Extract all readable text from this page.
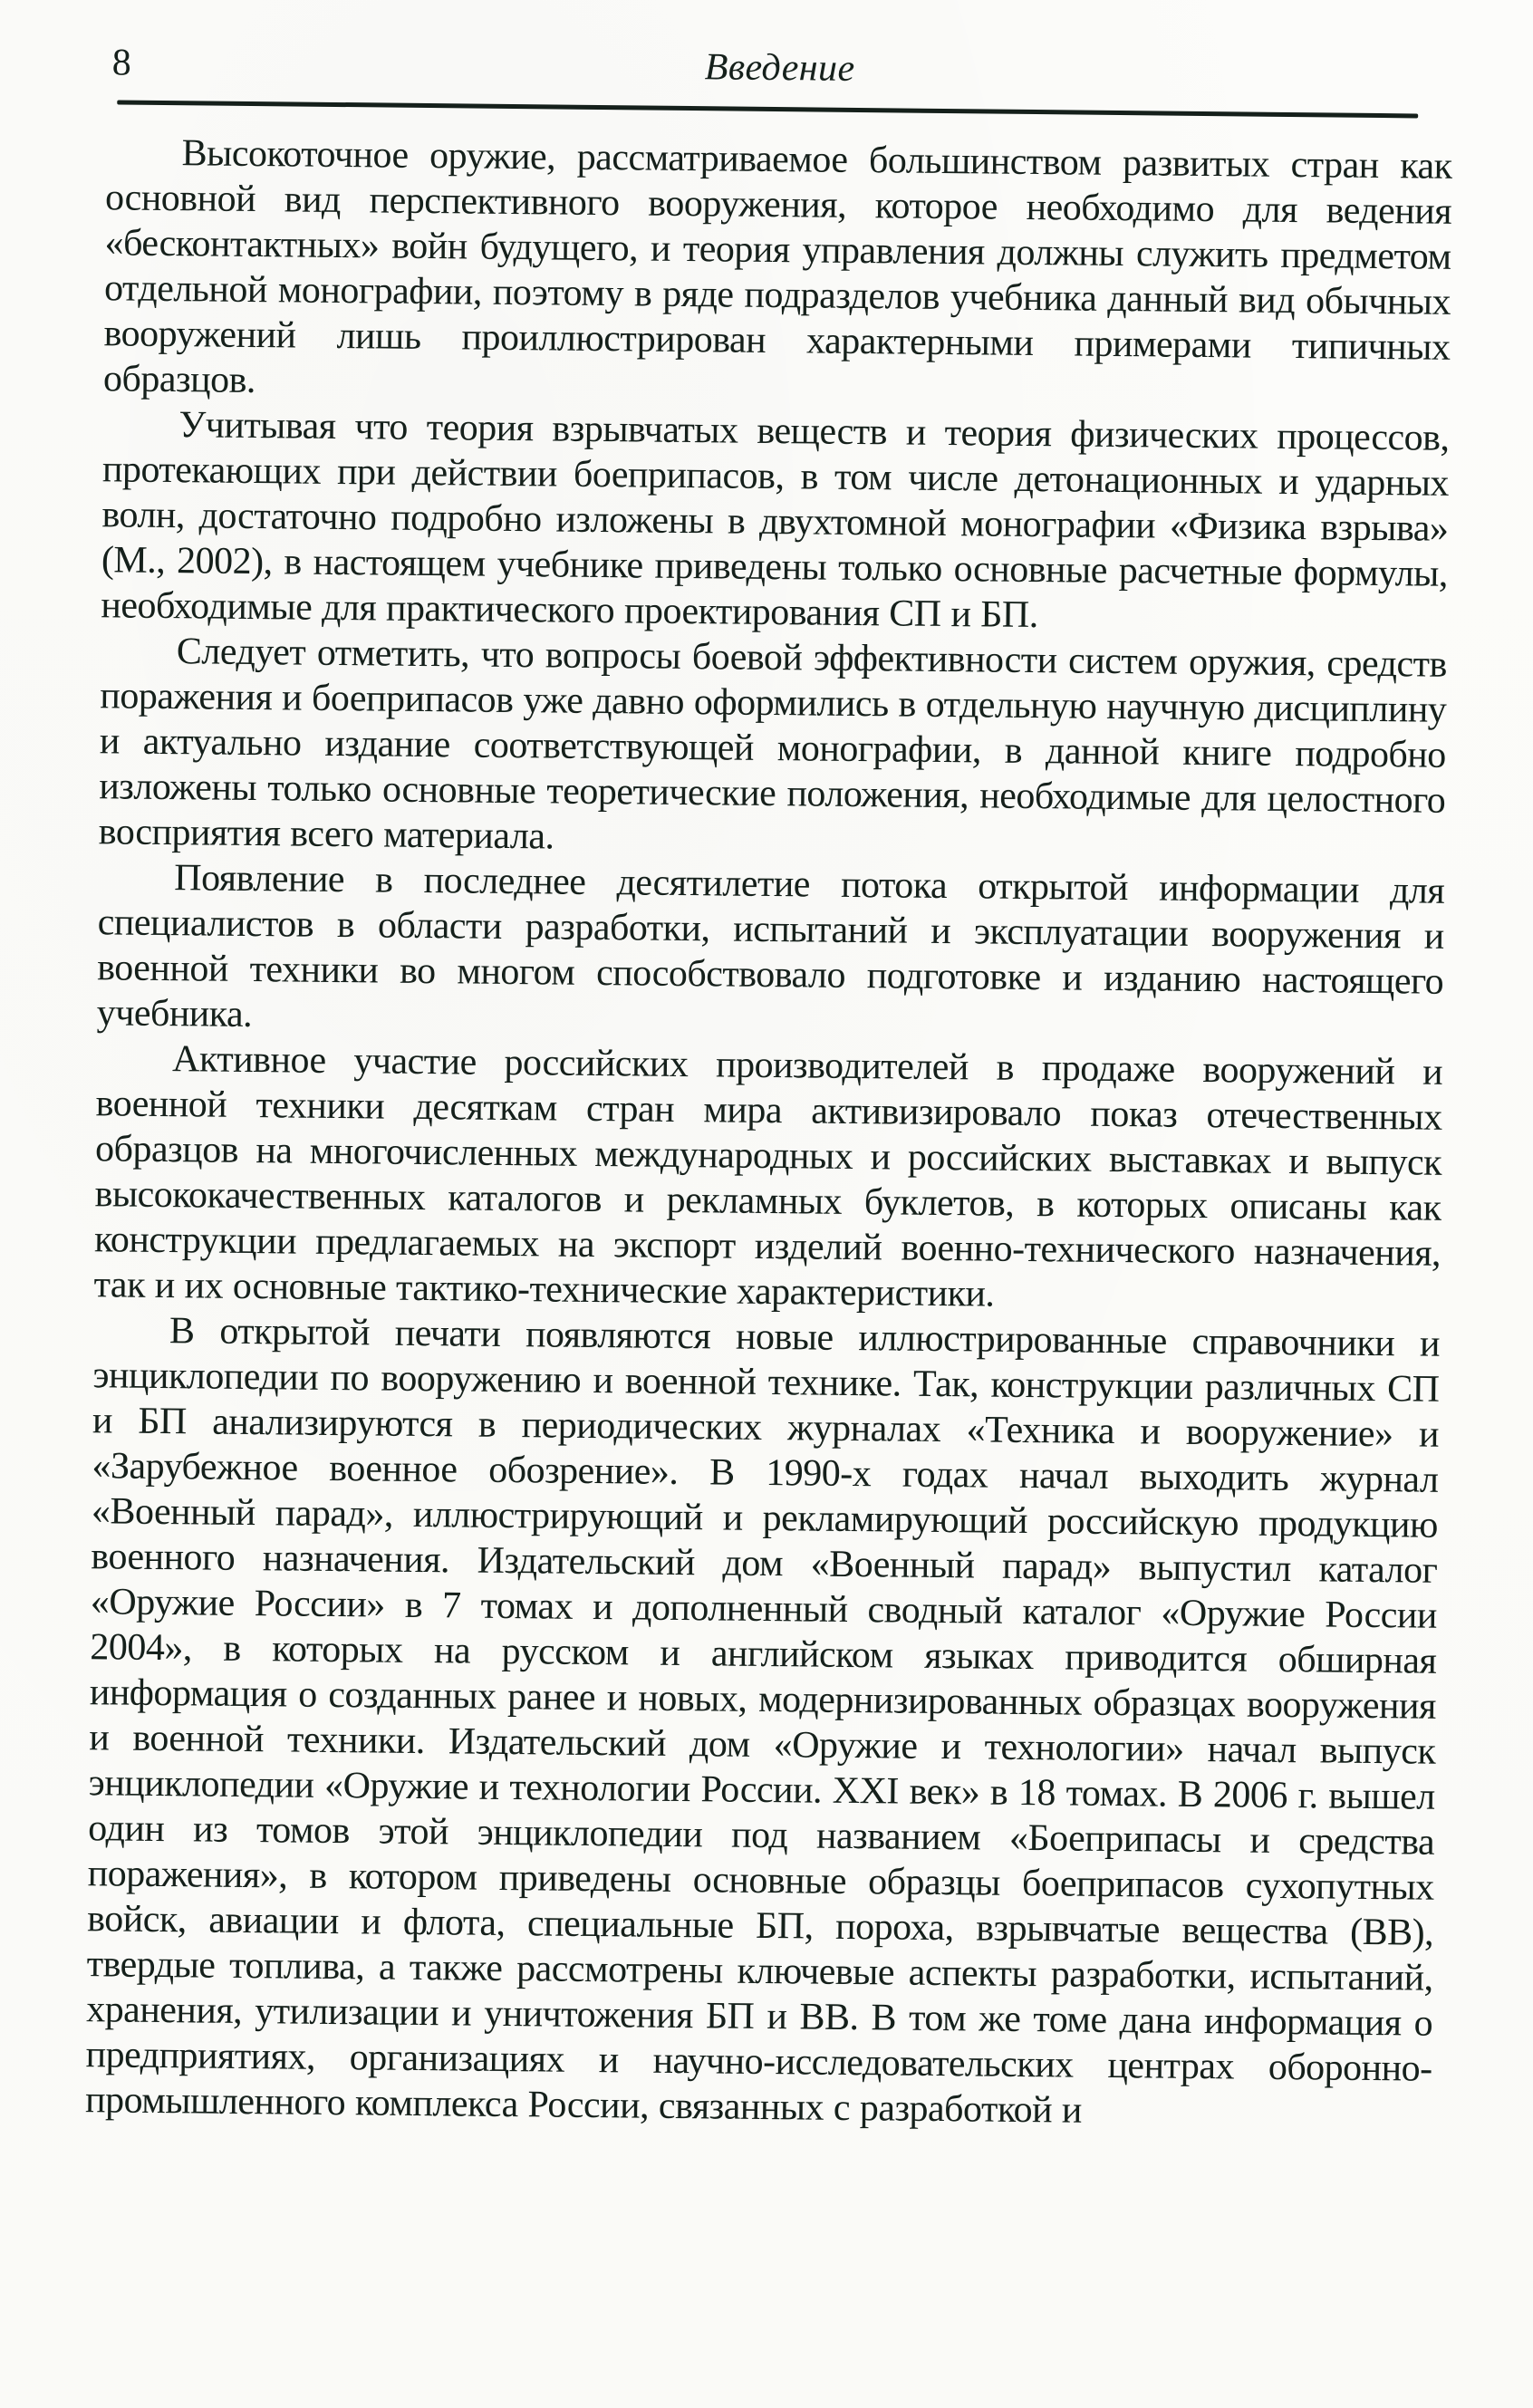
8	Введение

Высокоточное оружие, рассматриваемое большинством развитых стран как основной вид перспективного вооружения, которое необходимо для ведения «бесконтактных» войн будущего, и теория управления должны служить предметом отдельной монографии, поэтому в ряде подразделов учебника данный вид обычных вооружений лишь проиллюстрирован характерными примерами типичных образцов.

Учитывая что теория взрывчатых веществ и теория физических процессов, протекающих при действии боеприпасов, в том числе детонационных и ударных волн, достаточно подробно изложены в двухтомной монографии «Физика взрыва» (М., 2002), в настоящем учебнике приведены только основные расчетные формулы, необходимые для практического проектирования СП и БП.

Следует отметить, что вопросы боевой эффективности систем оружия, средств поражения и боеприпасов уже давно оформились в отдельную научную дисциплину и актуально издание соответствующей монографии, в данной книге подробно изложены только основные теоретические положения, необходимые для целостного восприятия всего материала.

Появление в последнее десятилетие потока открытой информации для специалистов в области разработки, испытаний и эксплуатации вооружения и военной техники во многом способствовало подготовке и изданию настоящего учебника.

Активное участие российских производителей в продаже вооружений и военной техники десяткам стран мира активизировало показ отечественных образцов на многочисленных международных и российских выставках и выпуск высококачественных каталогов и рекламных буклетов, в которых описаны как конструкции предлагаемых на экспорт изделий военно-технического назначения, так и их основные тактико-технические характеристики.

В открытой печати появляются новые иллюстрированные справочники и энциклопедии по вооружению и военной технике. Так, конструкции различных СП и БП анализируются в периодических журналах «Техника и вооружение» и «Зарубежное военное обозрение». В 1990-х годах начал выходить журнал «Военный парад», иллюстрирующий и рекламирующий российскую продукцию военного назначения. Издательский дом «Военный парад» выпустил каталог «Оружие России» в 7 томах и дополненный сводный каталог «Оружие России 2004», в которых на русском и английском языках приводится обширная информация о созданных ранее и новых, модернизированных образцах вооружения и военной техники. Издательский дом «Оружие и технологии» начал выпуск энциклопедии «Оружие и технологии России. XXI век» в 18 томах. В 2006 г. вышел один из томов этой энциклопедии под названием «Боеприпасы и средства поражения», в котором приведены основные образцы боеприпасов сухопутных войск, авиации и флота, специальные БП, пороха, взрывчатые вещества (ВВ), твердые топлива, а также рассмотрены ключевые аспекты разработки, испытаний, хранения, утилизации и уничтожения БП и ВВ. В том же томе дана информация о предприятиях, организациях и научно-исследовательских центрах оборонно-промышленного комплекса России, связанных с разработкой и
